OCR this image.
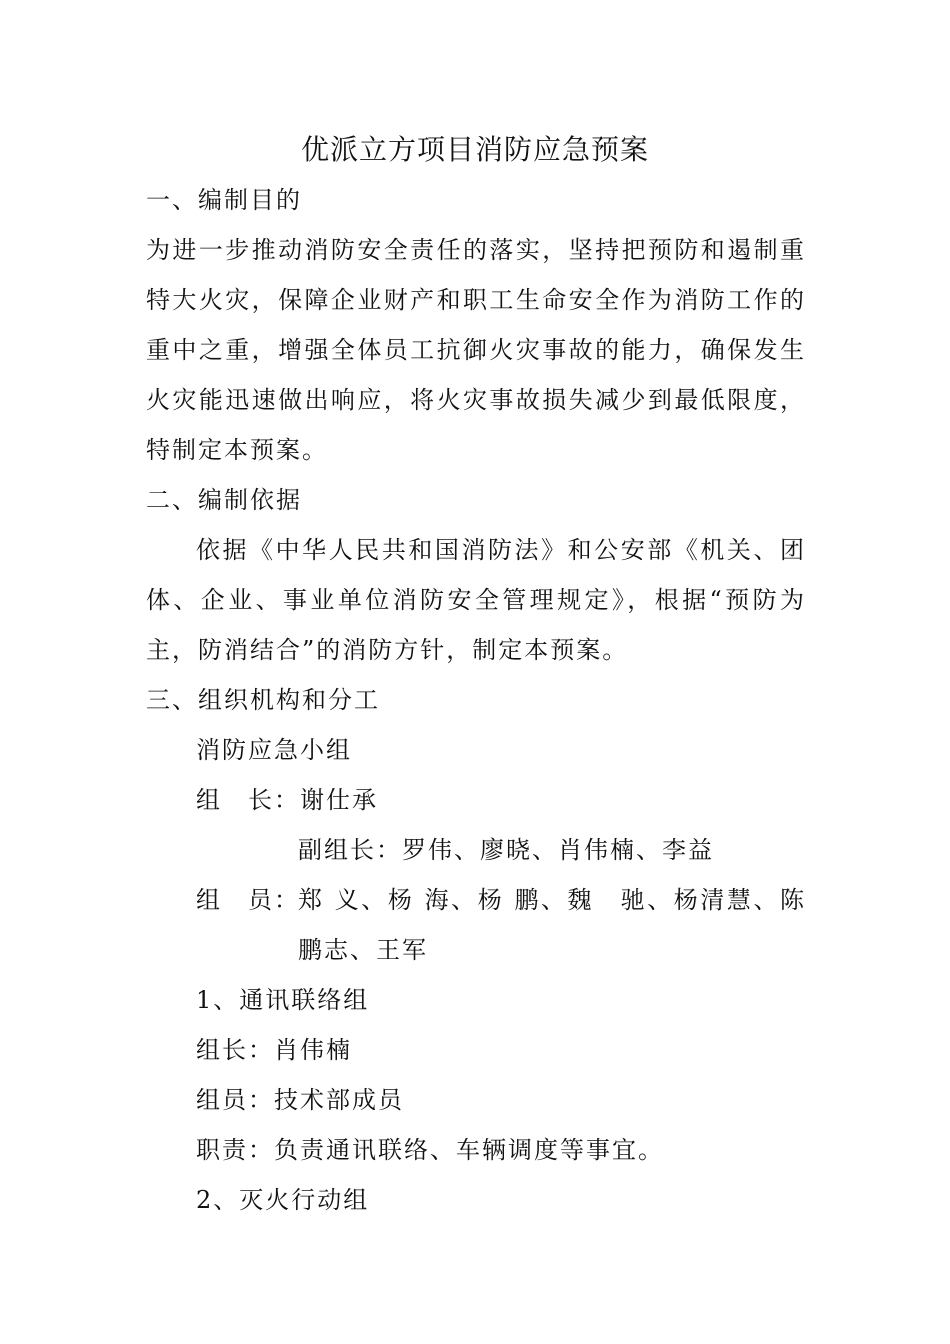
优派立方项目消防应急预案
一、编制目的
为进一步推动消防安全责任的落实，坚持把预防和遏制重
特大火灾，保障企业财产和职工生命安全作为消防工作的
重中之重，增强全体员工抗御火灾事故的能力，确保发生
火灾能迅速做出响应，将火灾事故损失减少到最低限度，
特制定本预案。
二、编制依据
依据《中华人民共和国消防法》和公安部《机关、团
体、企业、事业单位消防安全管理规定》，根据“预防为
主，防消结合”的消防方针，制定本预案。
三、组织机构和分工
消防应急小组
组　长：谢仕承
副组长：罗伟、廖晓、肖伟楠、李益
组　员：
郑 义、杨 海、杨 鹏、魏　驰、杨清慧、陈
鹏志、王军
1、通讯联络组
组长：肖伟楠
组员：技术部成员
职责：负责通讯联络、车辆调度等事宜。
2、灭火行动组
